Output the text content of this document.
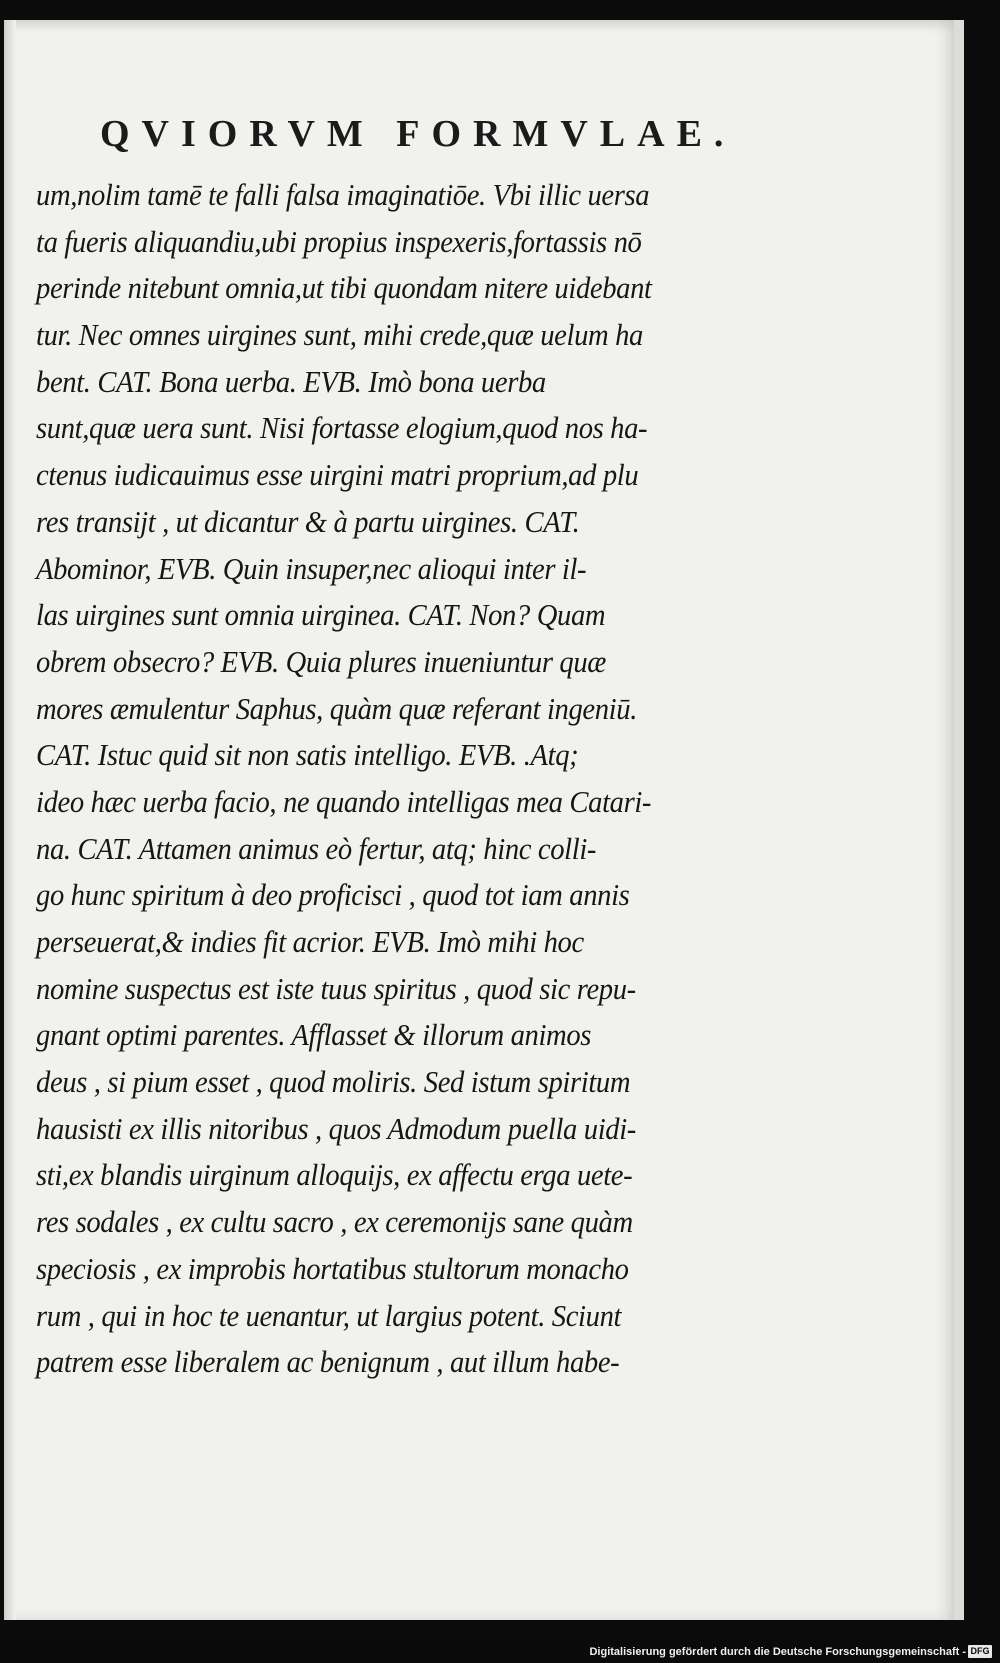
QVIORVM FORMVLAE.
um,nolim tamē te falli falsa imaginatiōe. Vbi illic uersa
ta fueris aliquandiu,ubi propius inspexeris,fortassis nō
perinde nitebunt omnia,ut tibi quondam nitere uidebant
tur. Nec omnes uirgines sunt, mihi crede,quæ uelum ha
bent. CAT. Bona uerba. EVB. Imò bona uerba
sunt,quæ uera sunt. Nisi fortasse elogium,quod nos ha-
ctenus iudicauimus esse uirgini matri proprium,ad plu
res transijt , ut dicantur & à partu uirgines. CAT.
Abominor, EVB. Quin insuper,nec alioqui inter il-
las uirgines sunt omnia uirginea. CAT. Non? Quam
obrem obsecro? EVB. Quia plures inueniuntur quæ
mores æmulentur Saphus, quàm quæ referant ingeniū.
CAT. Istuc quid sit non satis intelligo. EVB. .Atq;
ideo hæc uerba facio, ne quando intelligas mea Catari-
na. CAT. Attamen animus eò fertur, atq; hinc colli-
go hunc spiritum à deo proficisci , quod tot iam annis
perseuerat,& indies fit acrior. EVB. Imò mihi hoc
nomine suspectus est iste tuus spiritus , quod sic repu-
gnant optimi parentes. Afflasset & illorum animos
deus , si pium esset , quod moliris. Sed istum spiritum
hausisti ex illis nitoribus , quos Admodum puella uidi-
sti,ex blandis uirginum alloquijs, ex affectu erga uete-
res sodales , ex cultu sacro , ex ceremonijs sane quàm
speciosis , ex improbis hortatibus stultorum monacho
rum , qui in hoc te uenantur, ut largius potent. Sciunt
patrem esse liberalem ac benignum , aut illum habe-
Digitalisierung gefördert durch die Deutsche Forschungsgemeinschaft - DFG
